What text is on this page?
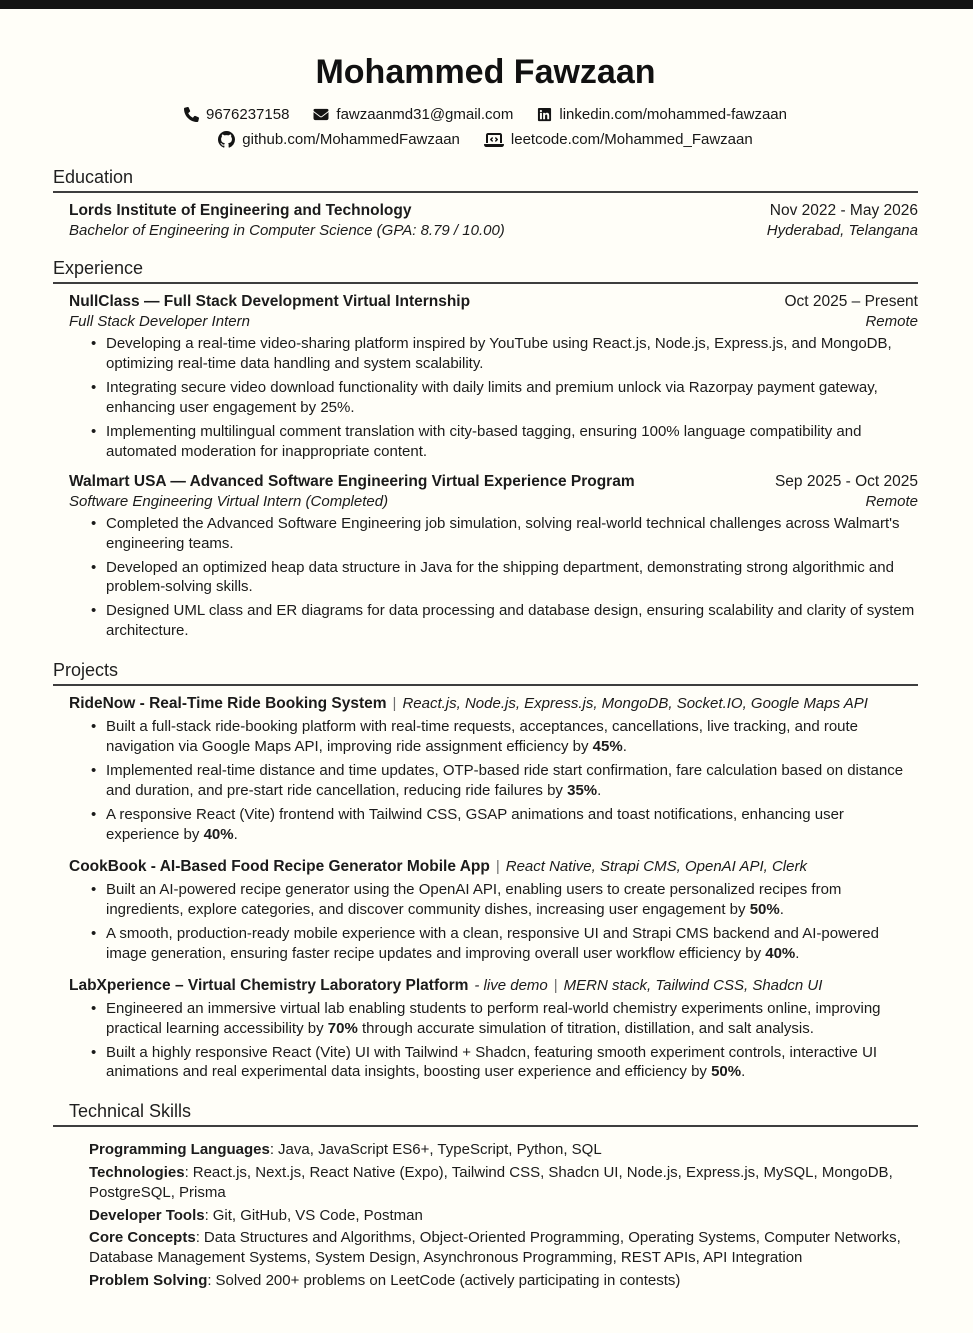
Mohammed Fawzaan
9676237158	fawzaanmd31@gmail.com	linkedin.com/mohammed-fawzaan
github.com/MohammedFawzaan	leetcode.com/Mohammed_Fawzaan
Education
Lords Institute of Engineering and Technology	Nov 2022 - May 2026
Bachelor of Engineering in Computer Science (GPA: 8.79 / 10.00)	Hyderabad, Telangana
Experience
NullClass — Full Stack Development Virtual Internship	Oct 2025 – Present
Full Stack Developer Intern	Remote
• Developing a real-time video-sharing platform inspired by YouTube using React.js, Node.js, Express.js, and MongoDB, optimizing real-time data handling and system scalability.
• Integrating secure video download functionality with daily limits and premium unlock via Razorpay payment gateway, enhancing user engagement by 25%.
• Implementing multilingual comment translation with city-based tagging, ensuring 100% language compatibility and automated moderation for inappropriate content.
Walmart USA — Advanced Software Engineering Virtual Experience Program	Sep 2025 - Oct 2025
Software Engineering Virtual Intern (Completed)	Remote
• Completed the Advanced Software Engineering job simulation, solving real-world technical challenges across Walmart's engineering teams.
• Developed an optimized heap data structure in Java for the shipping department, demonstrating strong algorithmic and problem-solving skills.
• Designed UML class and ER diagrams for data processing and database design, ensuring scalability and clarity of system architecture.
Projects
RideNow - Real-Time Ride Booking System | React.js, Node.js, Express.js, MongoDB, Socket.IO, Google Maps API
• Built a full-stack ride-booking platform with real-time requests, acceptances, cancellations, live tracking, and route navigation via Google Maps API, improving ride assignment efficiency by 45%.
• Implemented real-time distance and time updates, OTP-based ride start confirmation, fare calculation based on distance and duration, and pre-start ride cancellation, reducing ride failures by 35%.
• A responsive React (Vite) frontend with Tailwind CSS, GSAP animations and toast notifications, enhancing user experience by 40%.
CookBook - AI-Based Food Recipe Generator Mobile App | React Native, Strapi CMS, OpenAI API, Clerk
• Built an AI-powered recipe generator using the OpenAI API, enabling users to create personalized recipes from ingredients, explore categories, and discover community dishes, increasing user engagement by 50%.
• A smooth, production-ready mobile experience with a clean, responsive UI and Strapi CMS backend and AI-powered image generation, ensuring faster recipe updates and improving overall user workflow efficiency by 40%.
LabXperience – Virtual Chemistry Laboratory Platform - live demo | MERN stack, Tailwind CSS, Shadcn UI
• Engineered an immersive virtual lab enabling students to perform real-world chemistry experiments online, improving practical learning accessibility by 70% through accurate simulation of titration, distillation, and salt analysis.
• Built a highly responsive React (Vite) UI with Tailwind + Shadcn, featuring smooth experiment controls, interactive UI animations and real experimental data insights, boosting user experience and efficiency by 50%.
Technical Skills
Programming Languages: Java, JavaScript ES6+, TypeScript, Python, SQL
Technologies: React.js, Next.js, React Native (Expo), Tailwind CSS, Shadcn UI, Node.js, Express.js, MySQL, MongoDB, PostgreSQL, Prisma
Developer Tools: Git, GitHub, VS Code, Postman
Core Concepts: Data Structures and Algorithms, Object-Oriented Programming, Operating Systems, Computer Networks, Database Management Systems, System Design, Asynchronous Programming, REST APIs, API Integration
Problem Solving: Solved 200+ problems on LeetCode (actively participating in contests)
